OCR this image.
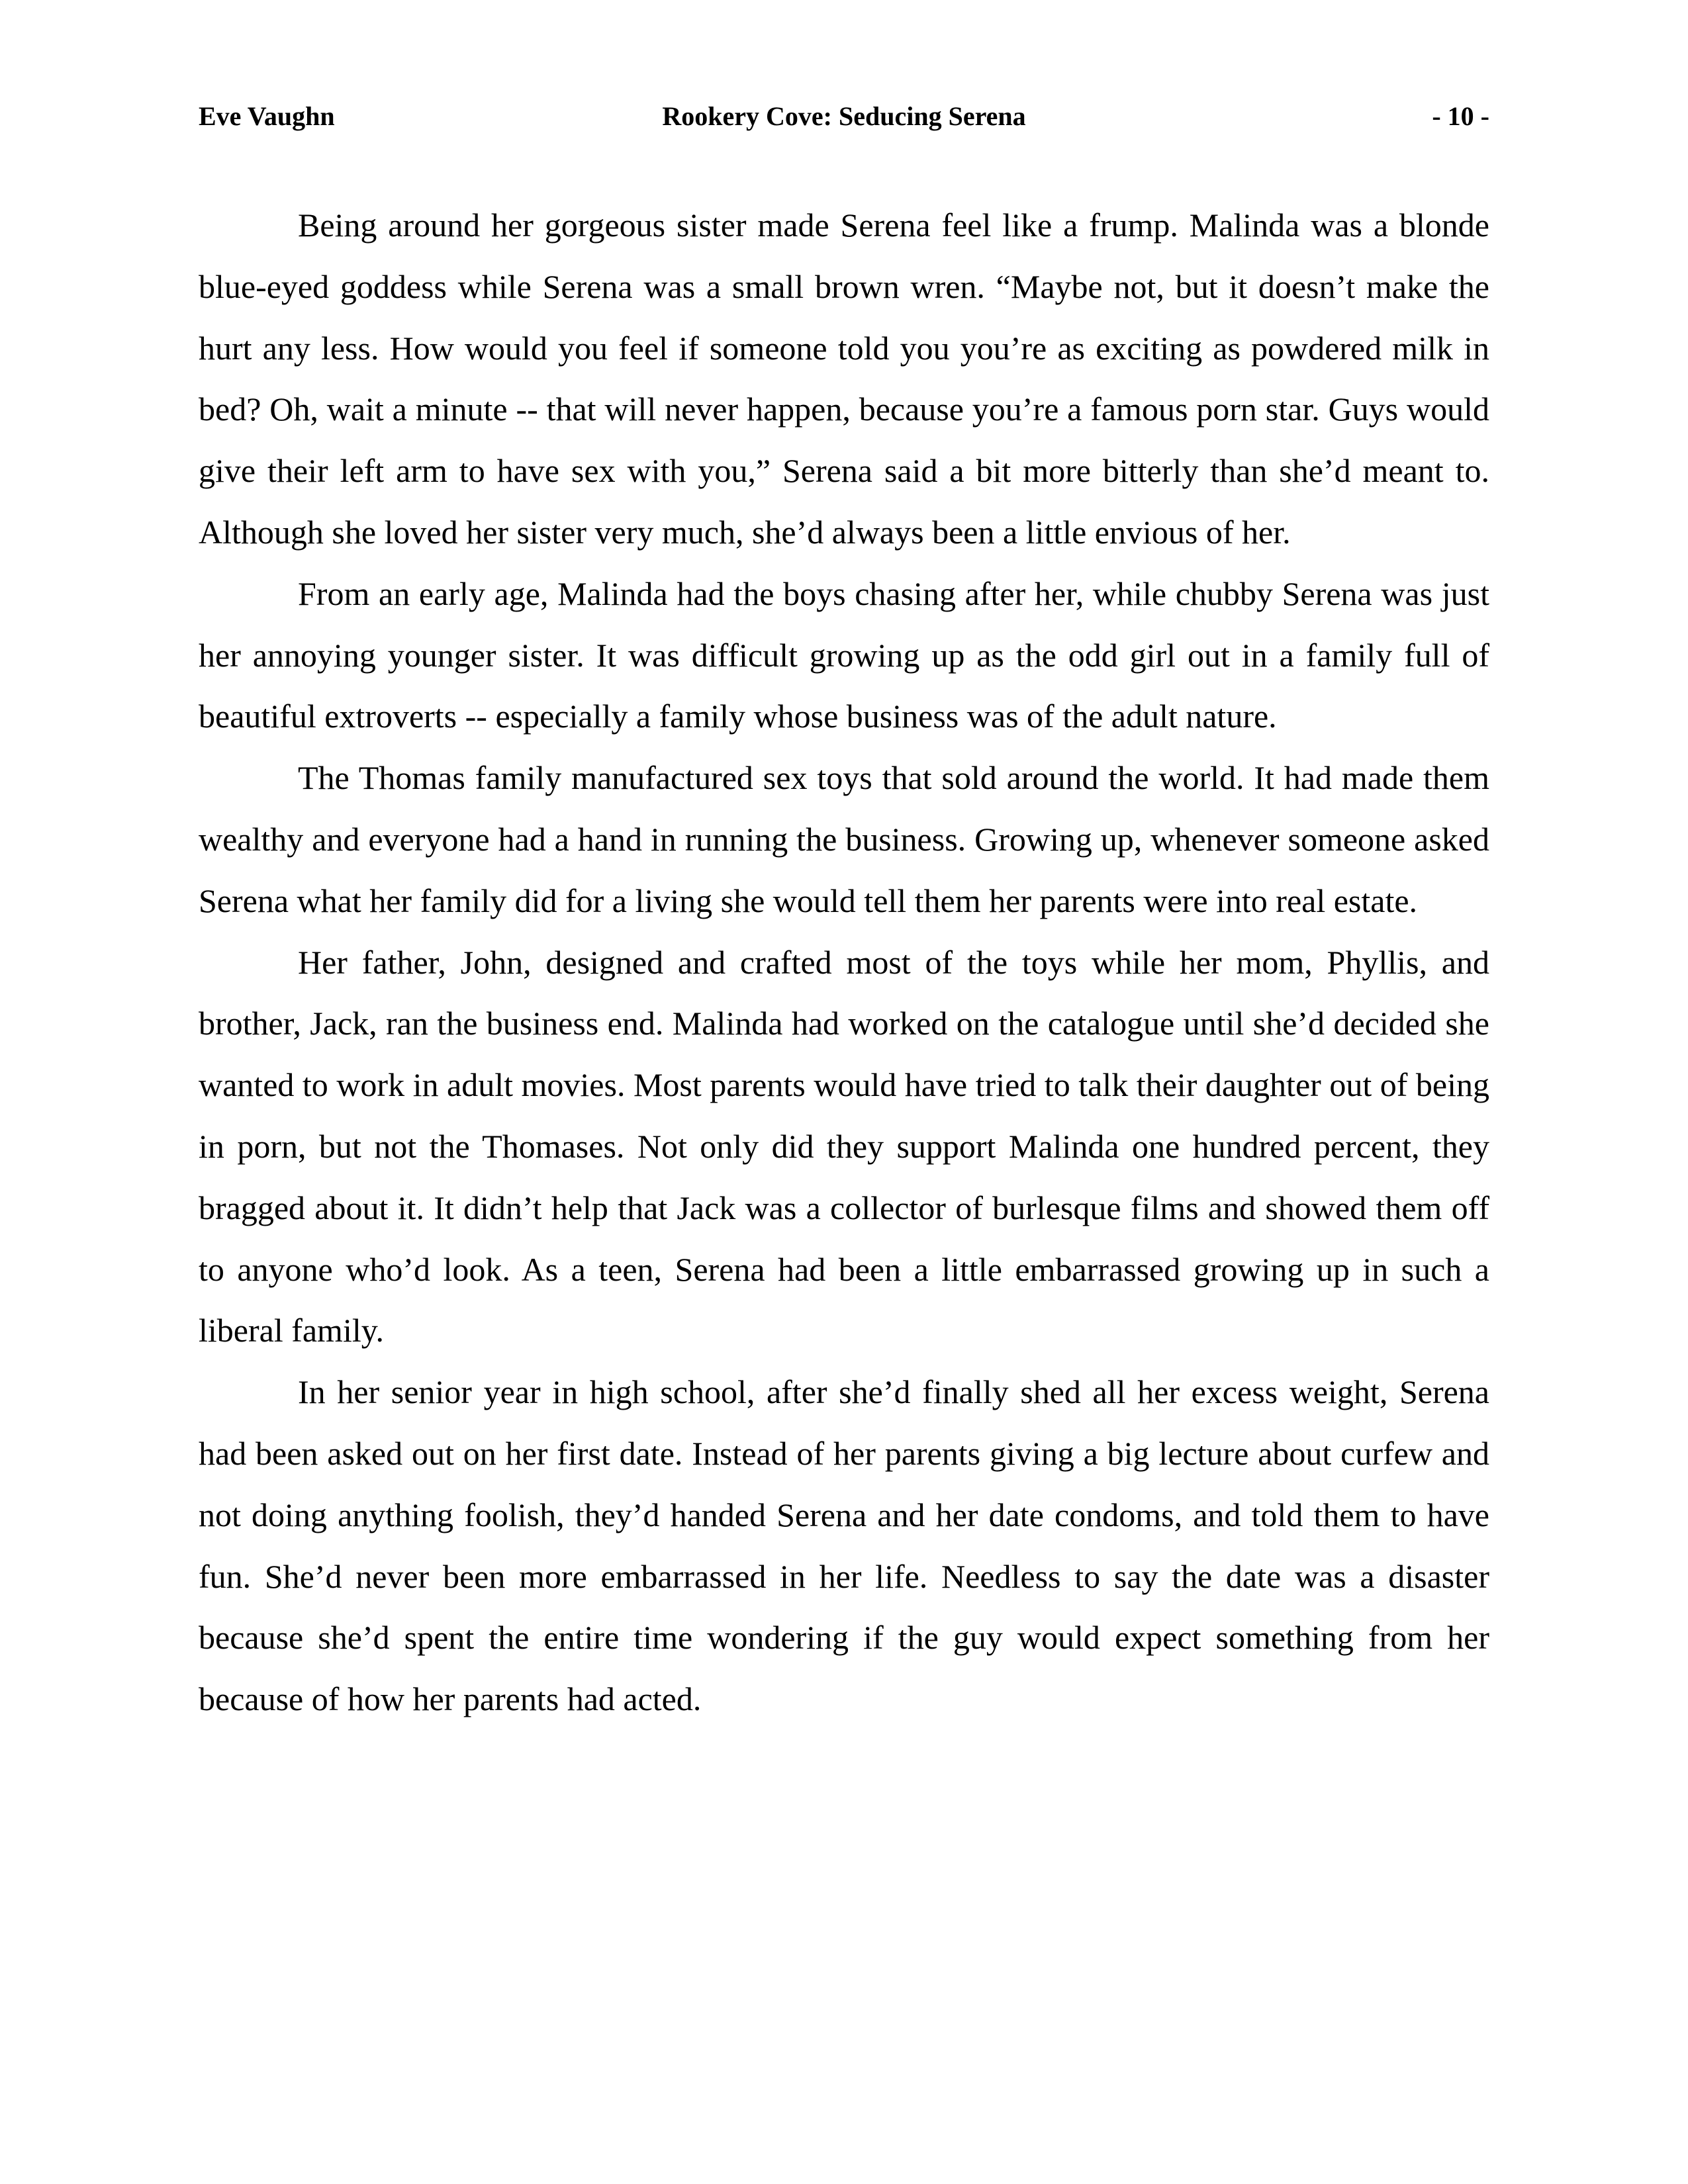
Eve Vaughn	Rookery Cove: Seducing Serena	- 10 -

Being around her gorgeous sister made Serena feel like a frump. Malinda was a blonde blue-eyed goddess while Serena was a small brown wren. “Maybe not, but it doesn’t make the hurt any less. How would you feel if someone told you you’re as exciting as powdered milk in bed? Oh, wait a minute -- that will never happen, because you’re a famous porn star. Guys would give their left arm to have sex with you,” Serena said a bit more bitterly than she’d meant to. Although she loved her sister very much, she’d always been a little envious of her.

From an early age, Malinda had the boys chasing after her, while chubby Serena was just her annoying younger sister. It was difficult growing up as the odd girl out in a family full of beautiful extroverts -- especially a family whose business was of the adult nature.

The Thomas family manufactured sex toys that sold around the world. It had made them wealthy and everyone had a hand in running the business. Growing up, whenever someone asked Serena what her family did for a living she would tell them her parents were into real estate.

Her father, John, designed and crafted most of the toys while her mom, Phyllis, and brother, Jack, ran the business end. Malinda had worked on the catalogue until she’d decided she wanted to work in adult movies. Most parents would have tried to talk their daughter out of being in porn, but not the Thomases. Not only did they support Malinda one hundred percent, they bragged about it. It didn’t help that Jack was a collector of burlesque films and showed them off to anyone who’d look. As a teen, Serena had been a little embarrassed growing up in such a liberal family.

In her senior year in high school, after she’d finally shed all her excess weight, Serena had been asked out on her first date. Instead of her parents giving a big lecture about curfew and not doing anything foolish, they’d handed Serena and her date condoms, and told them to have fun. She’d never been more embarrassed in her life. Needless to say the date was a disaster because she’d spent the entire time wondering if the guy would expect something from her because of how her parents had acted.
